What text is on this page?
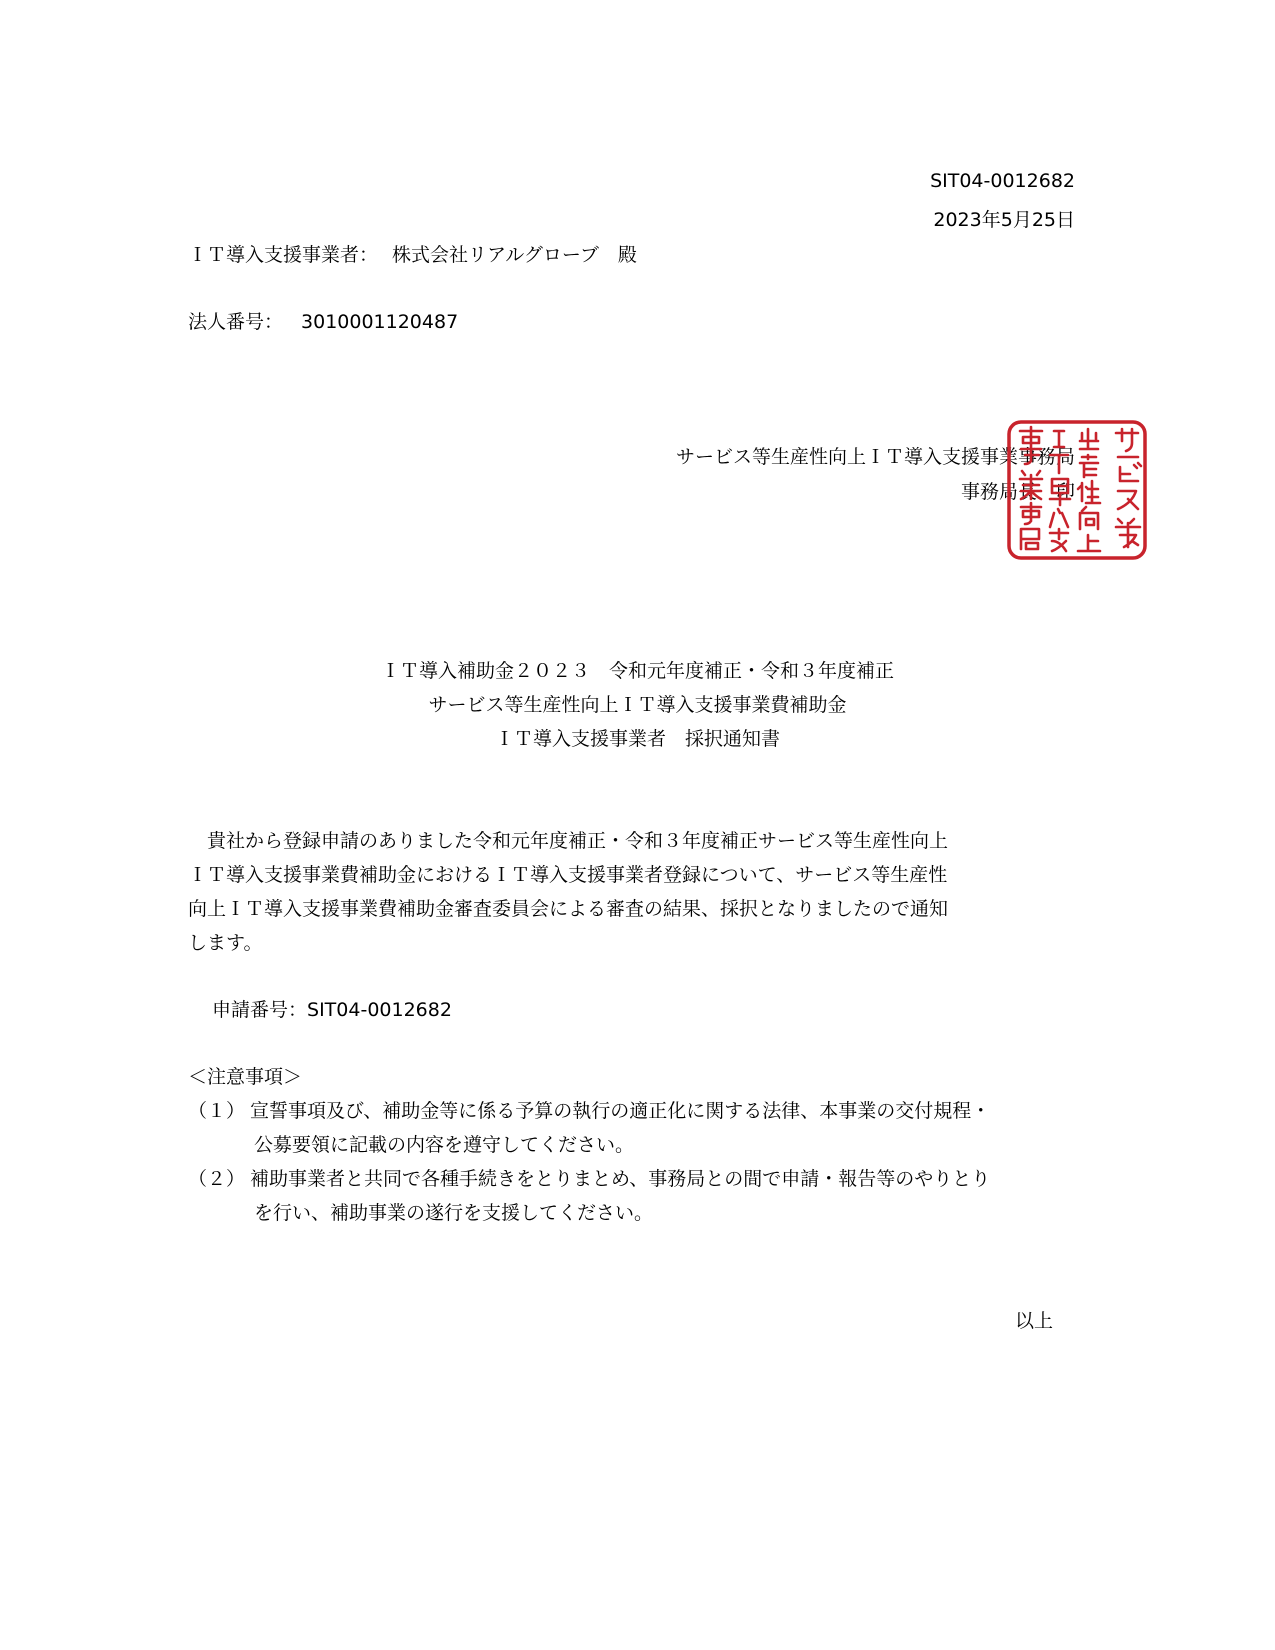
SIT04-0012682
2023年5月25日
ＩＴ導入支援事業者： 株式会社リアルグローブ　殿
法人番号： 3010001120487
サービス等生産性向上ＩＴ導入支援事業事務局
事務局長　印
ＩＴ導入補助金２０２３　令和元年度補正・令和３年度補正
サービス等生産性向上ＩＴ導入支援事業費補助金
ＩＴ導入支援事業者　採択通知書
　貴社から登録申請のありました令和元年度補正・令和３年度補正サービス等生産性向上
ＩＴ導入支援事業費補助金におけるＩＴ導入支援事業者登録について、サービス等生産性
向上ＩＴ導入支援事業費補助金審査委員会による審査の結果、採択となりましたので通知
します。
申請番号：SIT04-0012682
＜注意事項＞
（１） 宣誓事項及び、補助金等に係る予算の執行の適正化に関する法律、本事業の交付規程・
公募要領に記載の内容を遵守してください。
（２） 補助事業者と共同で各種手続きをとりまとめ、事務局との間で申請・報告等のやりとり
を行い、補助事業の遂行を支援してください。
以上
